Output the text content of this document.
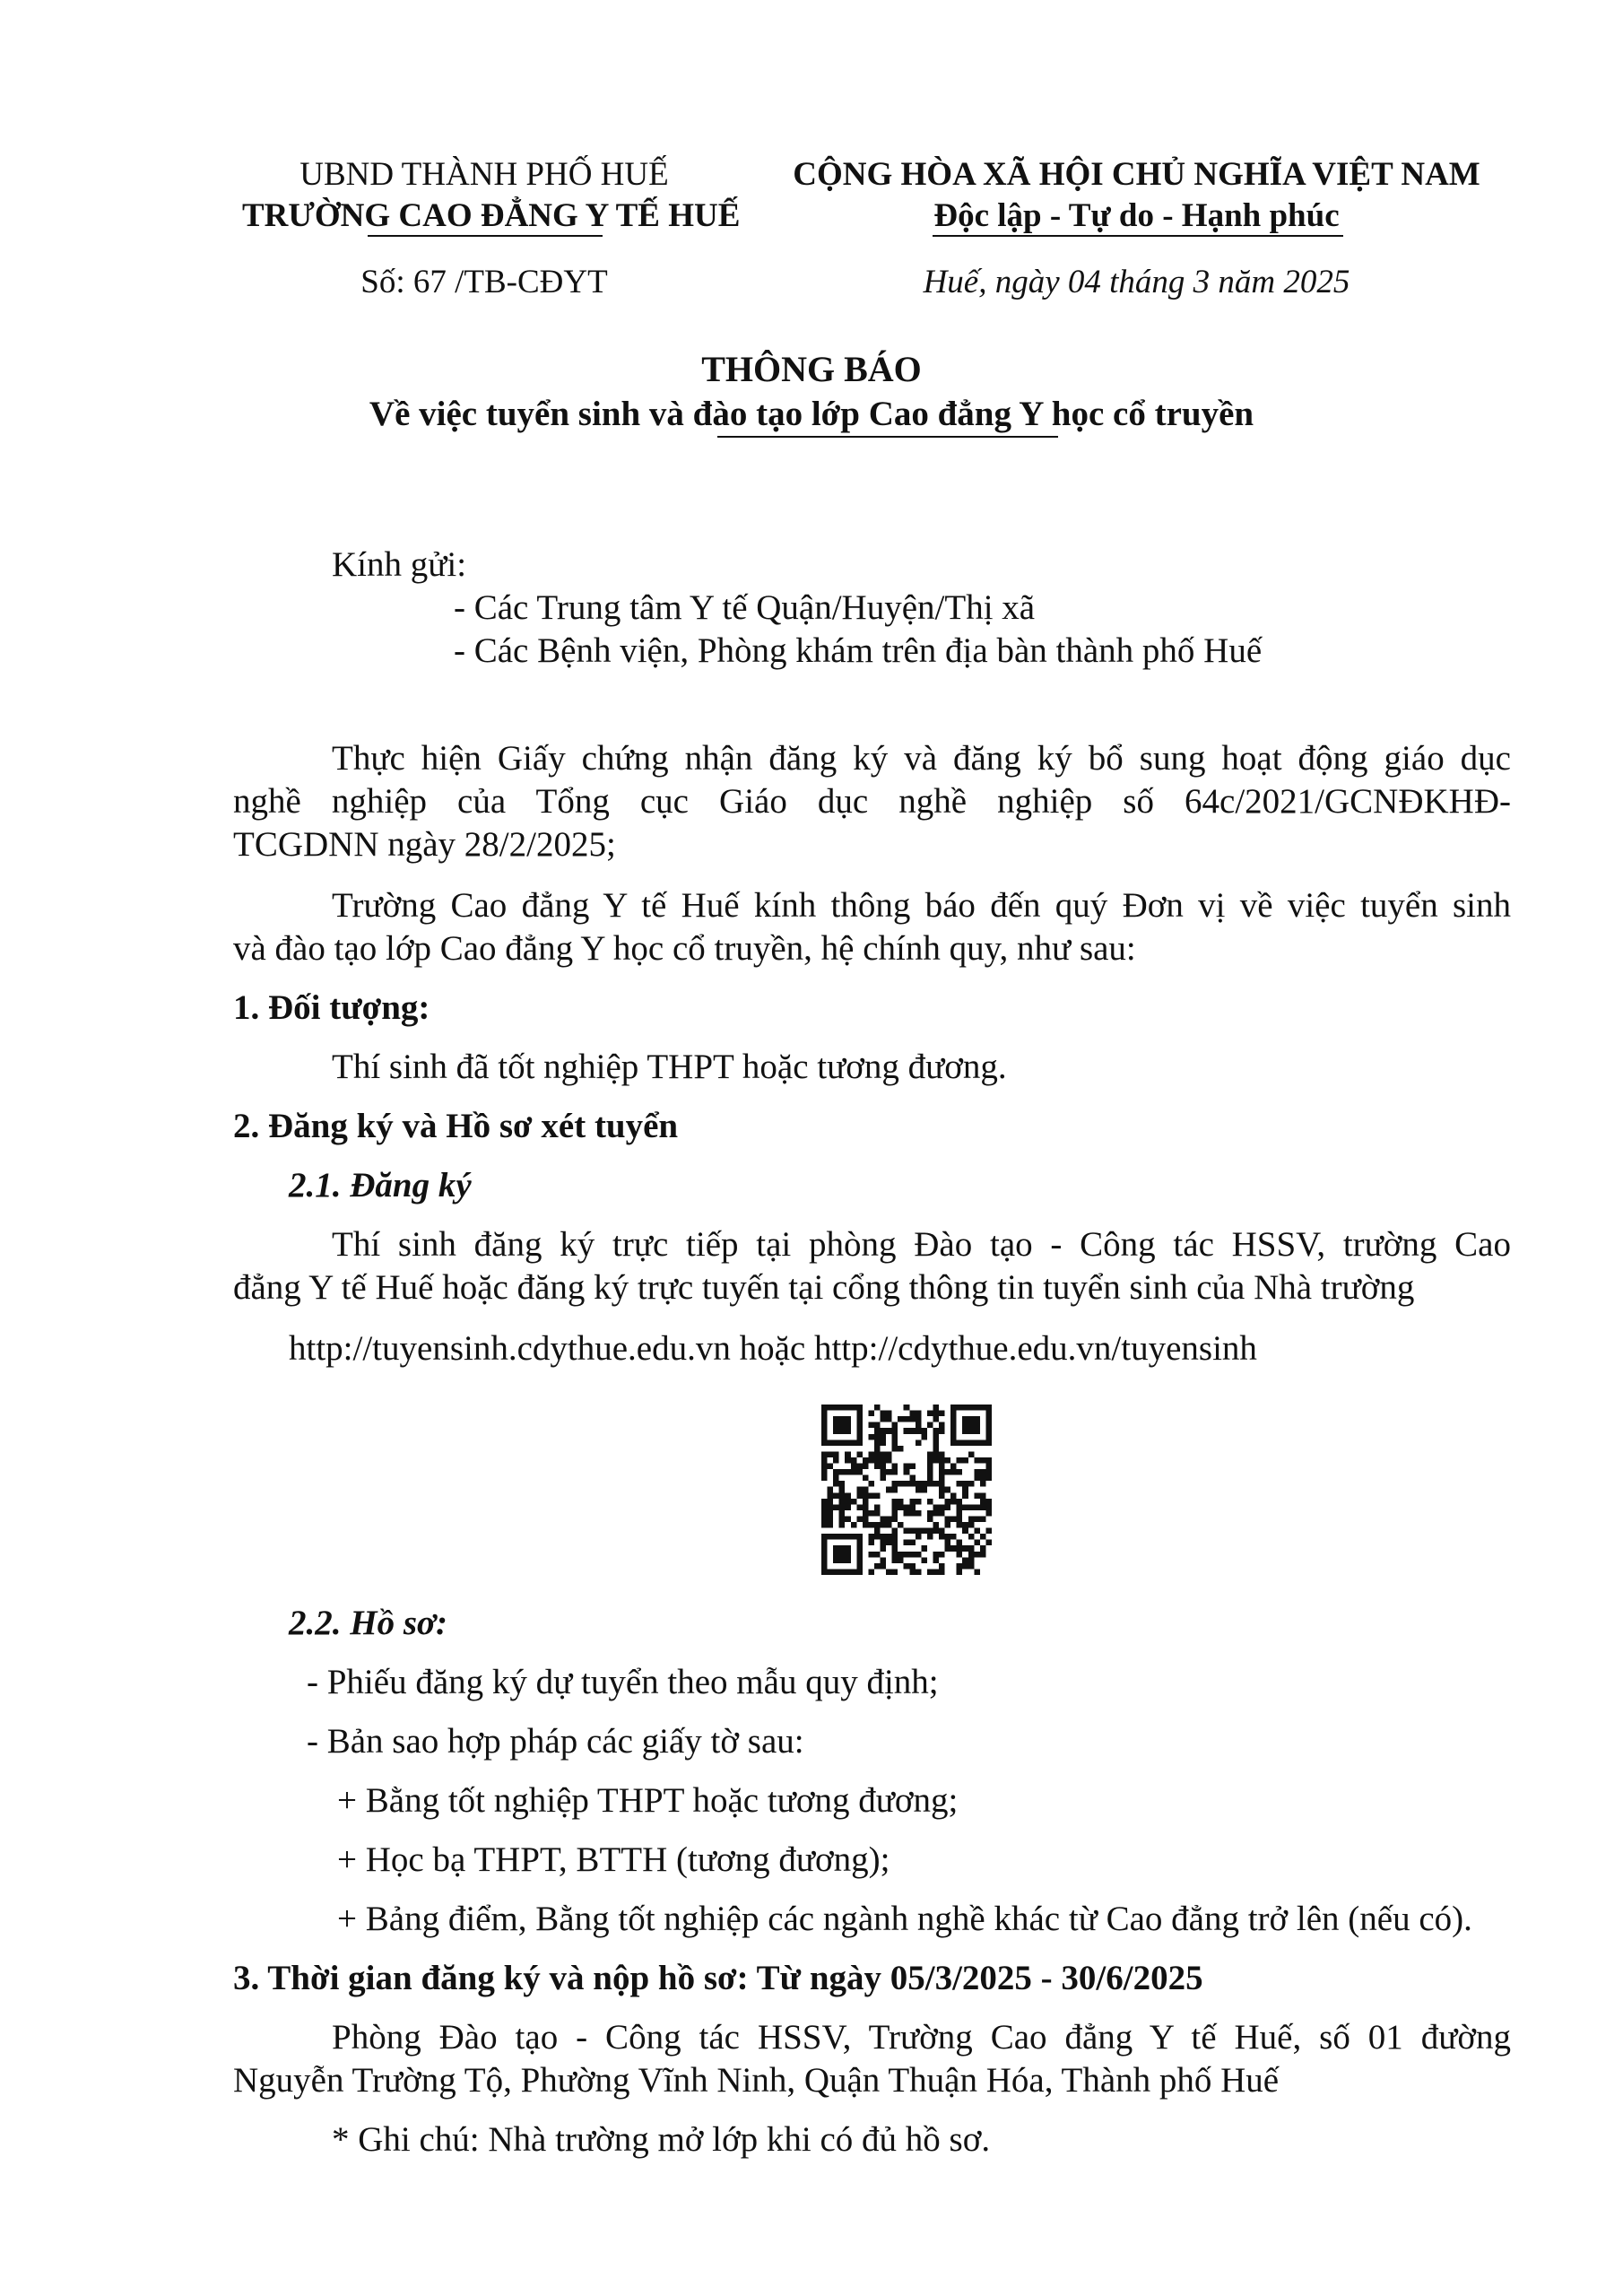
UBND THÀNH PHỐ HUẾ
TRƯỜNG CAO ĐẲNG Y TẾ HUẾ
CỘNG HÒA XÃ HỘI CHỦ NGHĨA VIỆT NAM
Độc lập - Tự do - Hạnh phúc
Số: 67 /TB-CĐYT	Huế, ngày 04 tháng 3 năm 2025
THÔNG BÁO
Về việc tuyển sinh và đào tạo lớp Cao đẳng Y học cổ truyền
Kính gửi:
- Các Trung tâm Y tế Quận/Huyện/Thị xã
- Các Bệnh viện, Phòng khám trên địa bàn thành phố Huế
Thực hiện Giấy chứng nhận đăng ký và đăng ký bổ sung hoạt động giáo dục
nghề nghiệp của Tổng cục Giáo dục nghề nghiệp số 64c/2021/GCNĐKHĐ-
TCGDNN ngày 28/2/2025;
Trường Cao đẳng Y tế Huế kính thông báo đến quý Đơn vị về việc tuyển sinh
và đào tạo lớp Cao đẳng Y học cổ truyền, hệ chính quy, như sau:
1. Đối tượng:
Thí sinh đã tốt nghiệp THPT hoặc tương đương.
2. Đăng ký và Hồ sơ xét tuyển
2.1. Đăng ký
Thí sinh đăng ký trực tiếp tại phòng Đào tạo - Công tác HSSV, trường Cao
đẳng Y tế Huế hoặc đăng ký trực tuyến tại cổng thông tin tuyển sinh của Nhà trường
http://tuyensinh.cdythue.edu.vn hoặc http://cdythue.edu.vn/tuyensinh
2.2. Hồ sơ:
- Phiếu đăng ký dự tuyển theo mẫu quy định;
- Bản sao hợp pháp các giấy tờ sau:
+ Bằng tốt nghiệp THPT hoặc tương đương;
+ Học bạ THPT, BTTH (tương đương);
+ Bảng điểm, Bằng tốt nghiệp các ngành nghề khác từ Cao đẳng trở lên (nếu có).
3. Thời gian đăng ký và nộp hồ sơ: Từ ngày 05/3/2025 - 30/6/2025
Phòng Đào tạo - Công tác HSSV, Trường Cao đẳng Y tế Huế, số 01 đường
Nguyễn Trường Tộ, Phường Vĩnh Ninh, Quận Thuận Hóa, Thành phố Huế
* Ghi chú: Nhà trường mở lớp khi có đủ hồ sơ.
